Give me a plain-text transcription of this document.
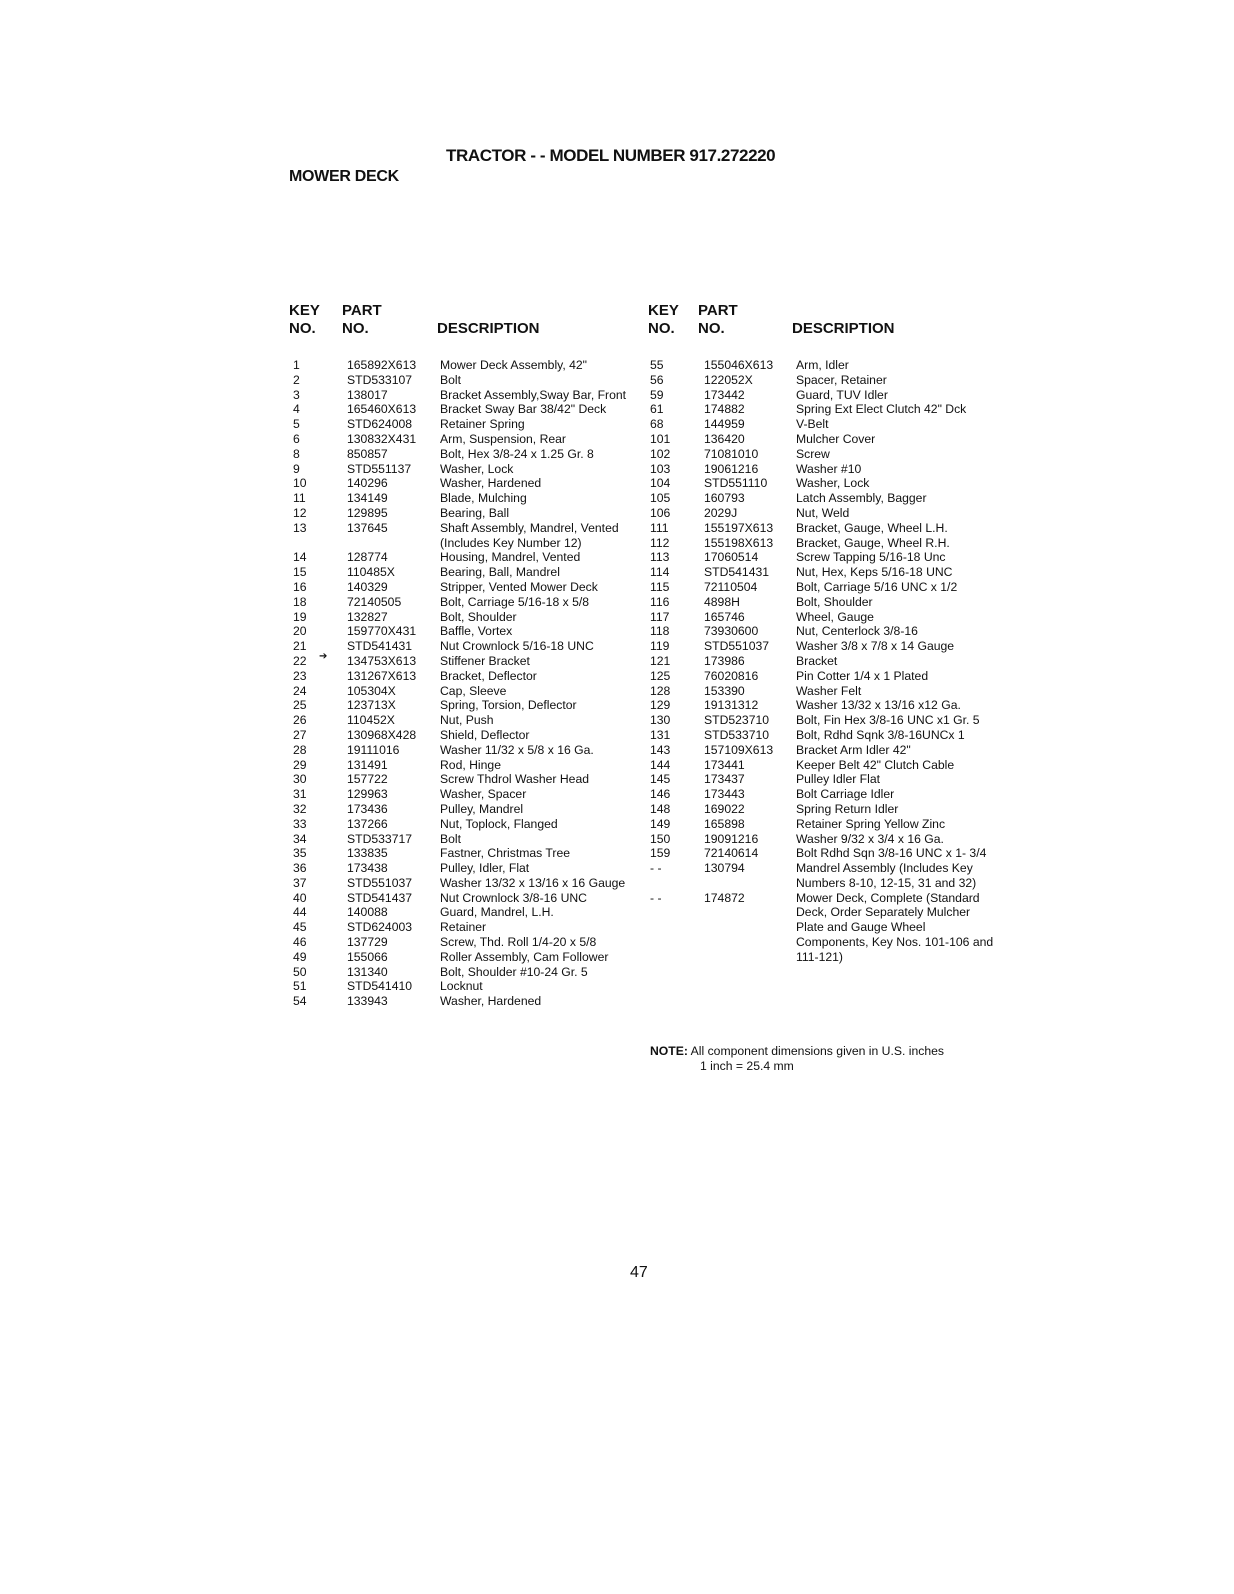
TRACTOR - - MODEL NUMBER 917.272220
MOWER DECK
KEY
NO.
PART
NO.	DESCRIPTION
KEY
NO.
PART
NO.	DESCRIPTION
1	165892X613	Mower Deck Assembly, 42"
2	STD533107	Bolt
3	138017	Bracket Assembly,Sway Bar, Front
4	165460X613	Bracket Sway Bar 38/42" Deck
5	STD624008	Retainer Spring
6	130832X431	Arm, Suspension, Rear
8	850857	Bolt, Hex 3/8-24 x 1.25 Gr. 8
9	STD551137	Washer, Lock
10	140296	Washer, Hardened
11	134149	Blade, Mulching
12	129895	Bearing, Ball
13	137645	Shaft Assembly, Mandrel, Vented (Includes Key Number 12)
14	128774	Housing, Mandrel, Vented
15	110485X	Bearing, Ball, Mandrel
16	140329	Stripper, Vented Mower Deck
18	72140505	Bolt, Carriage 5/16-18 x 5/8
19	132827	Bolt, Shoulder
20	159770X431	Baffle, Vortex
21	STD541431	Nut Crownlock 5/16-18 UNC
22	134753X613	Stiffener Bracket
➔
23	131267X613	Bracket, Deflector
24	105304X	Cap, Sleeve
25	123713X	Spring, Torsion, Deflector
26	110452X	Nut, Push
27	130968X428	Shield, Deflector
28	19111016	Washer 11/32 x 5/8 x 16 Ga.
29	131491	Rod, Hinge
30	157722	Screw Thdrol Washer Head
31	129963	Washer, Spacer
32	173436	Pulley, Mandrel
33	137266	Nut, Toplock, Flanged
34	STD533717	Bolt
35	133835	Fastner, Christmas Tree
36	173438	Pulley, Idler, Flat
37	STD551037	Washer 13/32 x 13/16 x 16 Gauge
40	STD541437	Nut Crownlock 3/8-16 UNC
44	140088	Guard, Mandrel, L.H.
45	STD624003	Retainer
46	137729	Screw, Thd. Roll 1/4-20 x 5/8
49	155066	Roller Assembly, Cam Follower
50	131340	Bolt, Shoulder #10-24 Gr. 5
51	STD541410	Locknut
54	133943	Washer, Hardened
55	155046X613	Arm, Idler
56	122052X	Spacer, Retainer
59	173442	Guard, TUV Idler
61	174882	Spring Ext Elect Clutch 42" Dck
68	144959	V-Belt
101	136420	Mulcher Cover
102	71081010	Screw
103	19061216	Washer #10
104	STD551110	Washer, Lock
105	160793	Latch Assembly, Bagger
106	2029J	Nut, Weld
111	155197X613	Bracket, Gauge, Wheel L.H.
112	155198X613	Bracket, Gauge, Wheel R.H.
113	17060514	Screw Tapping 5/16-18 Unc
114	STD541431	Nut, Hex, Keps 5/16-18 UNC
115	72110504	Bolt, Carriage 5/16 UNC x 1/2
116	4898H	Bolt, Shoulder
117	165746	Wheel, Gauge
118	73930600	Nut, Centerlock 3/8-16
119	STD551037	Washer 3/8 x 7/8 x 14 Gauge
121	173986	Bracket
125	76020816	Pin Cotter 1/4 x 1 Plated
128	153390	Washer Felt
129	19131312	Washer 13/32 x 13/16 x12 Ga.
130	STD523710	Bolt, Fin Hex 3/8-16 UNC x1 Gr. 5
131	STD533710	Bolt, Rdhd Sqnk 3/8-16UNCx 1
143	157109X613	Bracket Arm Idler 42"
144	173441	Keeper Belt 42" Clutch Cable
145	173437	Pulley Idler Flat
146	173443	Bolt Carriage Idler
148	169022	Spring Return Idler
149	165898	Retainer Spring Yellow Zinc
150	19091216	Washer 9/32 x 3/4 x 16 Ga.
159	72140614	Bolt Rdhd Sqn 3/8-16 UNC x 1- 3/4
- -	130794	Mandrel Assembly (Includes Key Numbers 8-10, 12-15, 31 and 32)
- -	174872	Mower Deck, Complete (Standard Deck, Order Separately Mulcher Plate and Gauge Wheel Components, Key Nos. 101-106 and 111-121)
NOTE: All component dimensions given in U.S. inches
1 inch = 25.4 mm
47
